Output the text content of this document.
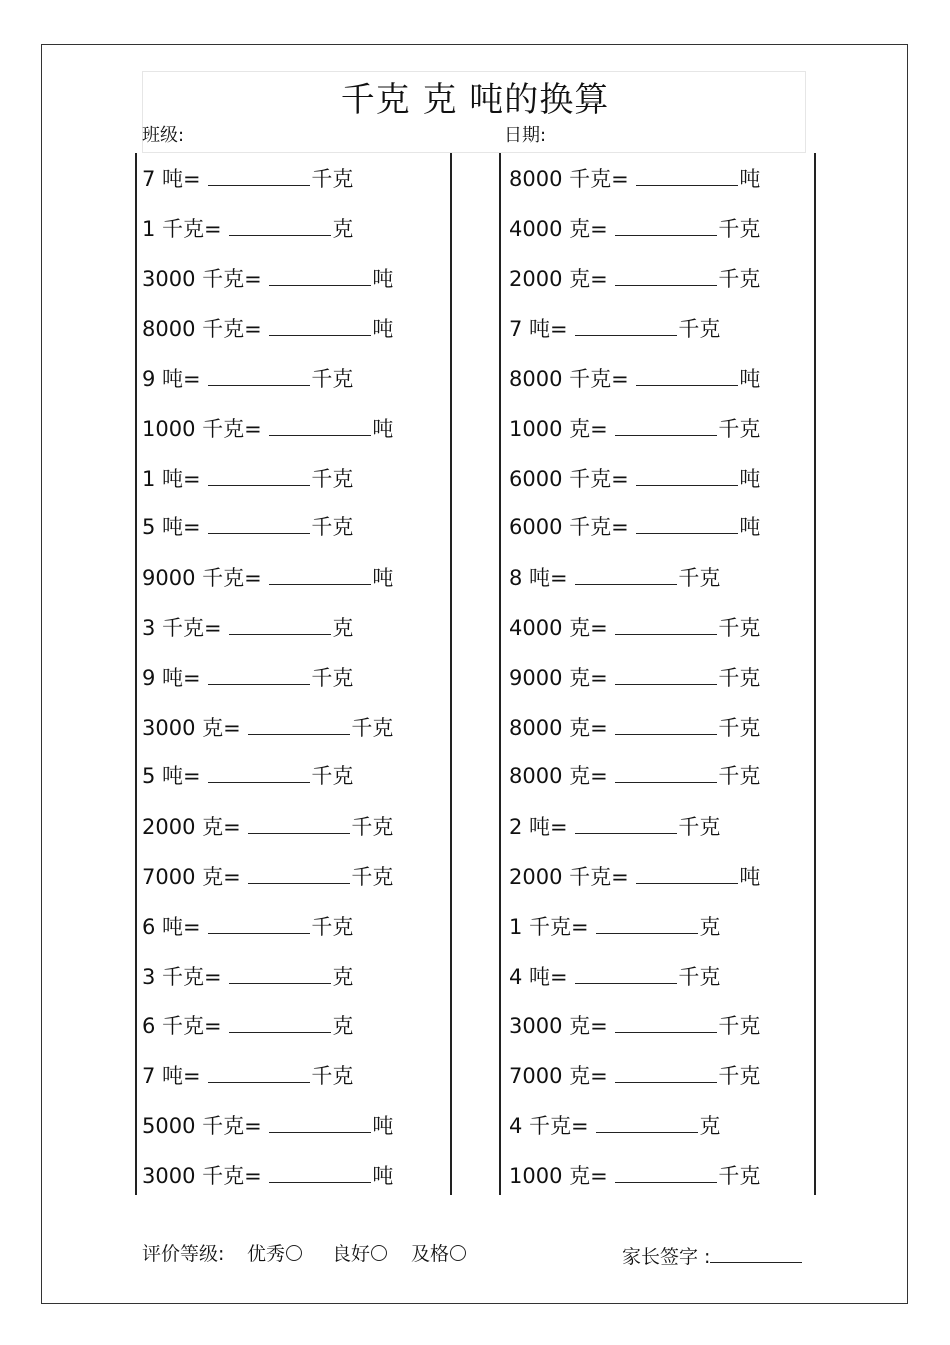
千克 克 吨的换算
班级:	日期:
7 吨=	千克
1 千克=	克
3000 千克=	吨
8000 千克=	吨
9 吨=	千克
1000 千克=	吨
1 吨=	千克
5 吨=	千克
9000 千克=	吨
3 千克=	克
9 吨=	千克
3000 克=	千克
5 吨=	千克
2000 克=	千克
7000 克=	千克
6 吨=	千克
3 千克=	克
6 千克=	克
7 吨=	千克
5000 千克=	吨
3000 千克=	吨
8000 千克=	吨
4000 克=	千克
2000 克=	千克
7 吨=	千克
8000 千克=	吨
1000 克=	千克
6000 千克=	吨
6000 千克=	吨
8 吨=	千克
4000 克=	千克
9000 克=	千克
8000 克=	千克
8000 克=	千克
2 吨=	千克
2000 千克=	吨
1 千克=	克
4 吨=	千克
3000 克=	千克
7000 克=	千克
4 千克=	克
1000 克=	千克
评价等级: 优秀	良好	及格	家长签字 :
